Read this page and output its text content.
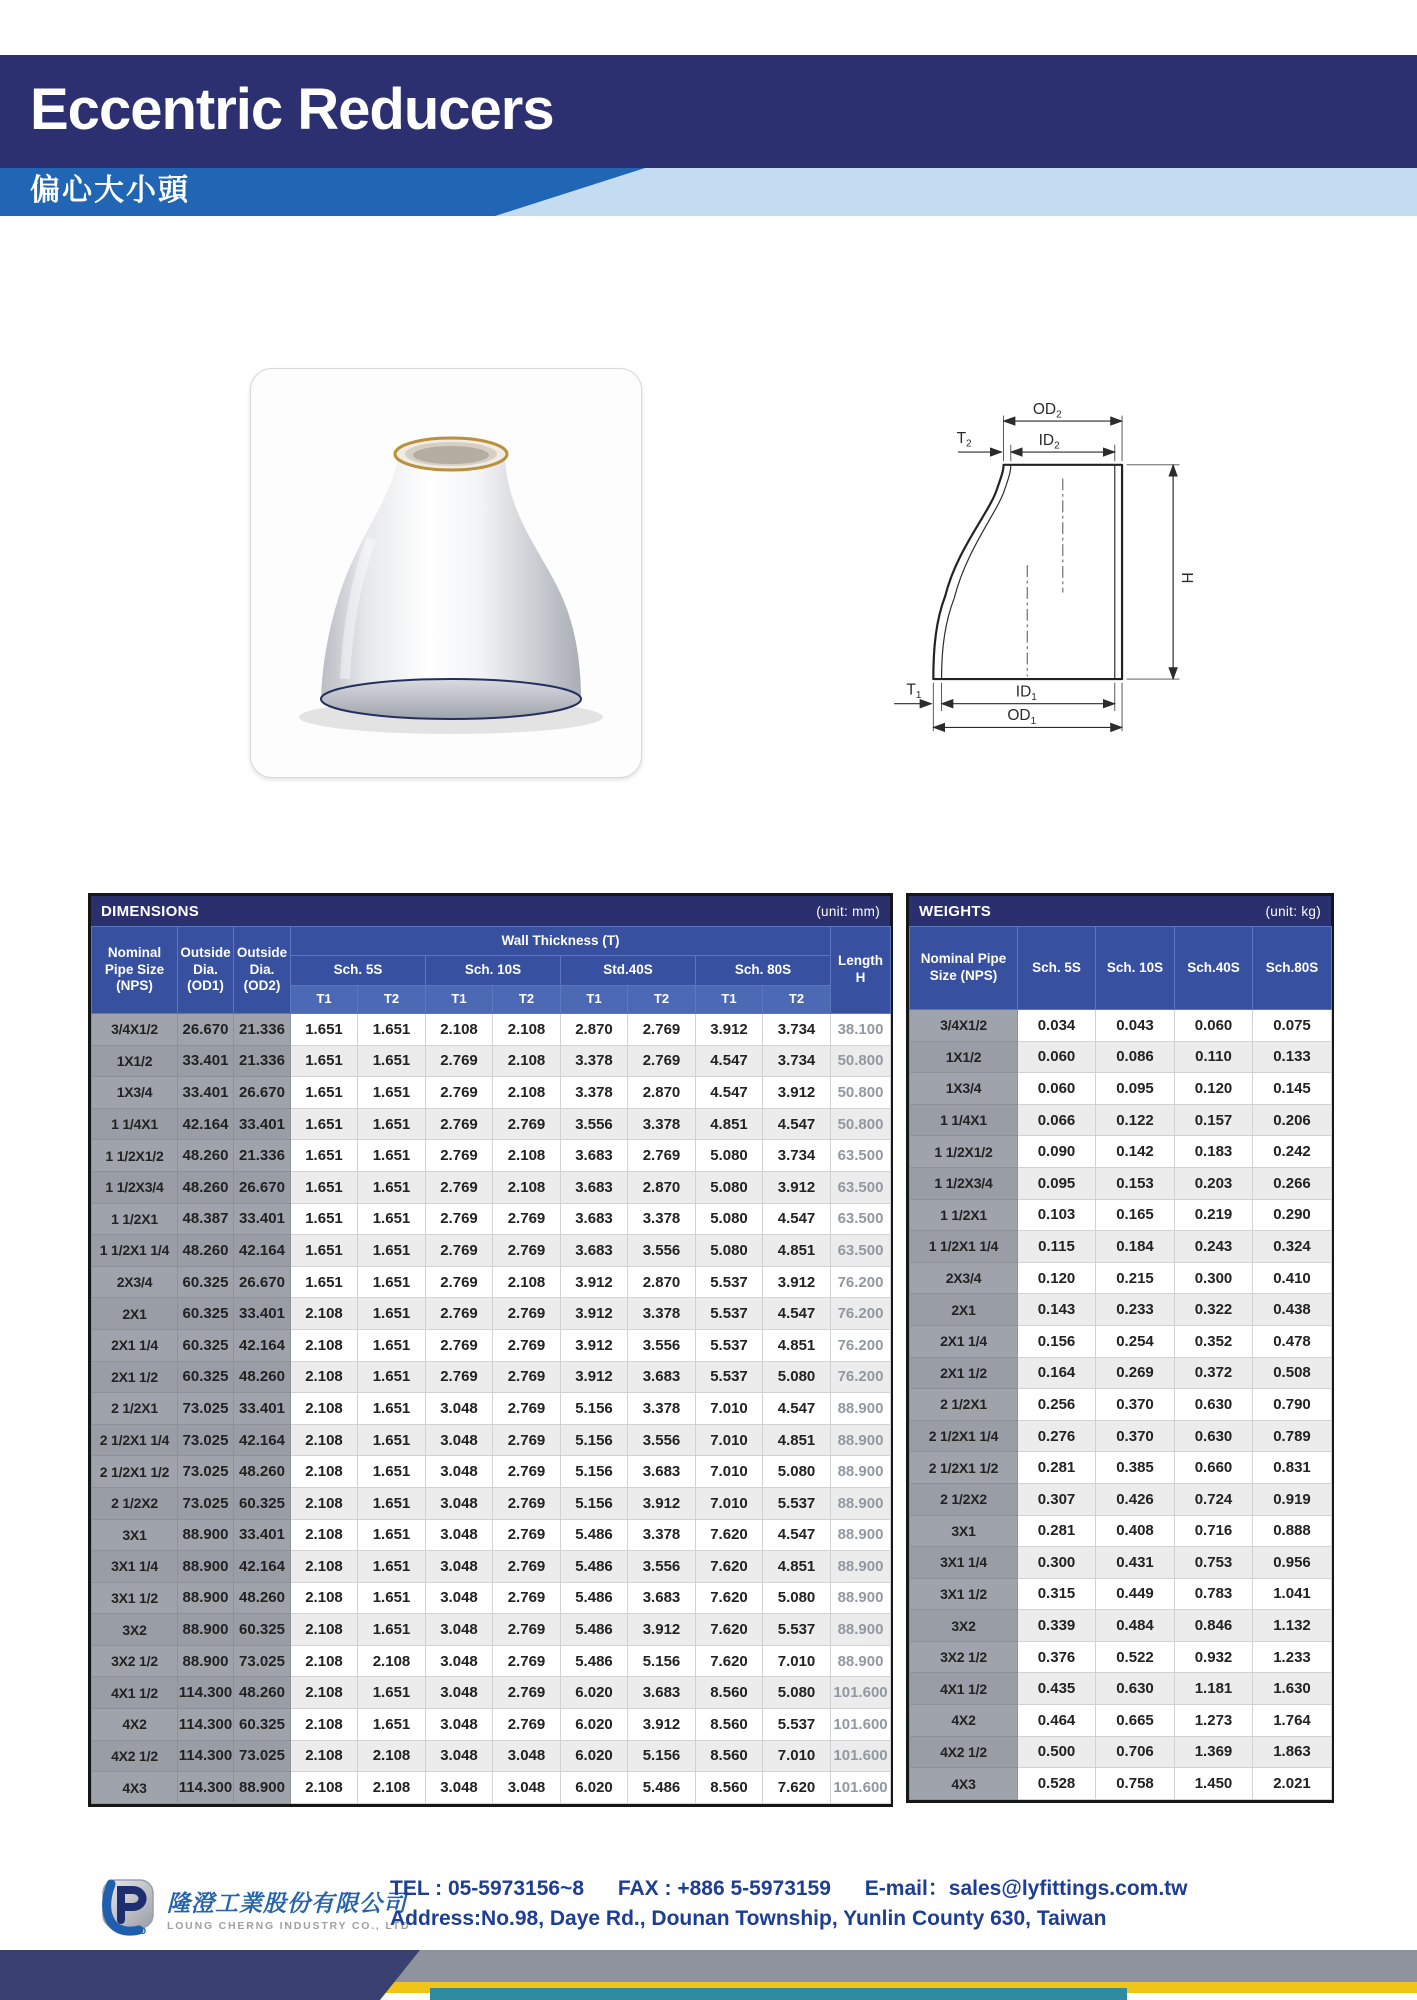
Eccentric Reducers
偏心大小頭
$OD_2$
$ID_2$
$T_2$
H
$T_1$	$ID_1$
$OD_1$
DIMENSIONS	(unit: mm)
Nominal Pipe Size (NPS)	Outside Dia. (OD1)	Outside Dia. (OD2)	Wall Thickness (T)								Length H
			Sch. 5S		Sch. 10S		Std.40S		Sch. 80S		
			T1	T2	T1	T2	T1	T2	T1	T2	
3/4X1/2	26.670	21.336	1.651	1.651	2.108	2.108	2.870	2.769	3.912	3.734	38.100
1X1/2	33.401	21.336	1.651	1.651	2.769	2.108	3.378	2.769	4.547	3.734	50.800
1X3/4	33.401	26.670	1.651	1.651	2.769	2.108	3.378	2.870	4.547	3.912	50.800
1 1/4X1	42.164	33.401	1.651	1.651	2.769	2.769	3.556	3.378	4.851	4.547	50.800
1 1/2X1/2	48.260	21.336	1.651	1.651	2.769	2.108	3.683	2.769	5.080	3.734	63.500
1 1/2X3/4	48.260	26.670	1.651	1.651	2.769	2.108	3.683	2.870	5.080	3.912	63.500
1 1/2X1	48.387	33.401	1.651	1.651	2.769	2.769	3.683	3.378	5.080	4.547	63.500
1 1/2X1 1/4	48.260	42.164	1.651	1.651	2.769	2.769	3.683	3.556	5.080	4.851	63.500
2X3/4	60.325	26.670	1.651	1.651	2.769	2.108	3.912	2.870	5.537	3.912	76.200
2X1	60.325	33.401	2.108	1.651	2.769	2.769	3.912	3.378	5.537	4.547	76.200
2X1 1/4	60.325	42.164	2.108	1.651	2.769	2.769	3.912	3.556	5.537	4.851	76.200
2X1 1/2	60.325	48.260	2.108	1.651	2.769	2.769	3.912	3.683	5.537	5.080	76.200
2 1/2X1	73.025	33.401	2.108	1.651	3.048	2.769	5.156	3.378	7.010	4.547	88.900
2 1/2X1 1/4	73.025	42.164	2.108	1.651	3.048	2.769	5.156	3.556	7.010	4.851	88.900
2 1/2X1 1/2	73.025	48.260	2.108	1.651	3.048	2.769	5.156	3.683	7.010	5.080	88.900
2 1/2X2	73.025	60.325	2.108	1.651	3.048	2.769	5.156	3.912	7.010	5.537	88.900
3X1	88.900	33.401	2.108	1.651	3.048	2.769	5.486	3.378	7.620	4.547	88.900
3X1 1/4	88.900	42.164	2.108	1.651	3.048	2.769	5.486	3.556	7.620	4.851	88.900
3X1 1/2	88.900	48.260	2.108	1.651	3.048	2.769	5.486	3.683	7.620	5.080	88.900
3X2	88.900	60.325	2.108	1.651	3.048	2.769	5.486	3.912	7.620	5.537	88.900
3X2 1/2	88.900	73.025	2.108	2.108	3.048	2.769	5.486	5.156	7.620	7.010	88.900
4X1 1/2	114.300	48.260	2.108	1.651	3.048	2.769	6.020	3.683	8.560	5.080	101.600
4X2	114.300	60.325	2.108	1.651	3.048	2.769	6.020	3.912	8.560	5.537	101.600
4X2 1/2	114.300	73.025	2.108	2.108	3.048	3.048	6.020	5.156	8.560	7.010	101.600
4X3	114.300	88.900	2.108	2.108	3.048	3.048	6.020	5.486	8.560	7.620	101.600
WEIGHTS	(unit: kg)
Nominal Pipe Size (NPS)	Sch. 5S	Sch. 10S	Sch.40S	Sch.80S
3/4X1/2	0.034	0.043	0.060	0.075
1X1/2	0.060	0.086	0.110	0.133
1X3/4	0.060	0.095	0.120	0.145
1 1/4X1	0.066	0.122	0.157	0.206
1 1/2X1/2	0.090	0.142	0.183	0.242
1 1/2X3/4	0.095	0.153	0.203	0.266
1 1/2X1	0.103	0.165	0.219	0.290
1 1/2X1 1/4	0.115	0.184	0.243	0.324
2X3/4	0.120	0.215	0.300	0.410
2X1	0.143	0.233	0.322	0.438
2X1 1/4	0.156	0.254	0.352	0.478
2X1 1/2	0.164	0.269	0.372	0.508
2 1/2X1	0.256	0.370	0.630	0.790
2 1/2X1 1/4	0.276	0.370	0.630	0.789
2 1/2X1 1/2	0.281	0.385	0.660	0.831
2 1/2X2	0.307	0.426	0.724	0.919
3X1	0.281	0.408	0.716	0.888
3X1 1/4	0.300	0.431	0.753	0.956
3X1 1/2	0.315	0.449	0.783	1.041
3X2	0.339	0.484	0.846	1.132
3X2 1/2	0.376	0.522	0.932	1.233
4X1 1/2	0.435	0.630	1.181	1.630
4X2	0.464	0.665	1.273	1.764
4X2 1/2	0.500	0.706	1.369	1.863
4X3	0.528	0.758	1.450	2.021
LYCO
隆澄工業股份有限公司
LOUNG CHERNG INDUSTRY CO., LTD
TEL : 05-5973156~8 FAX : +886 5-5973159 E-mail：sales@lyfittings.com.tw
Address:No.98, Daye Rd., Dounan Township, Yunlin County 630, Taiwan
